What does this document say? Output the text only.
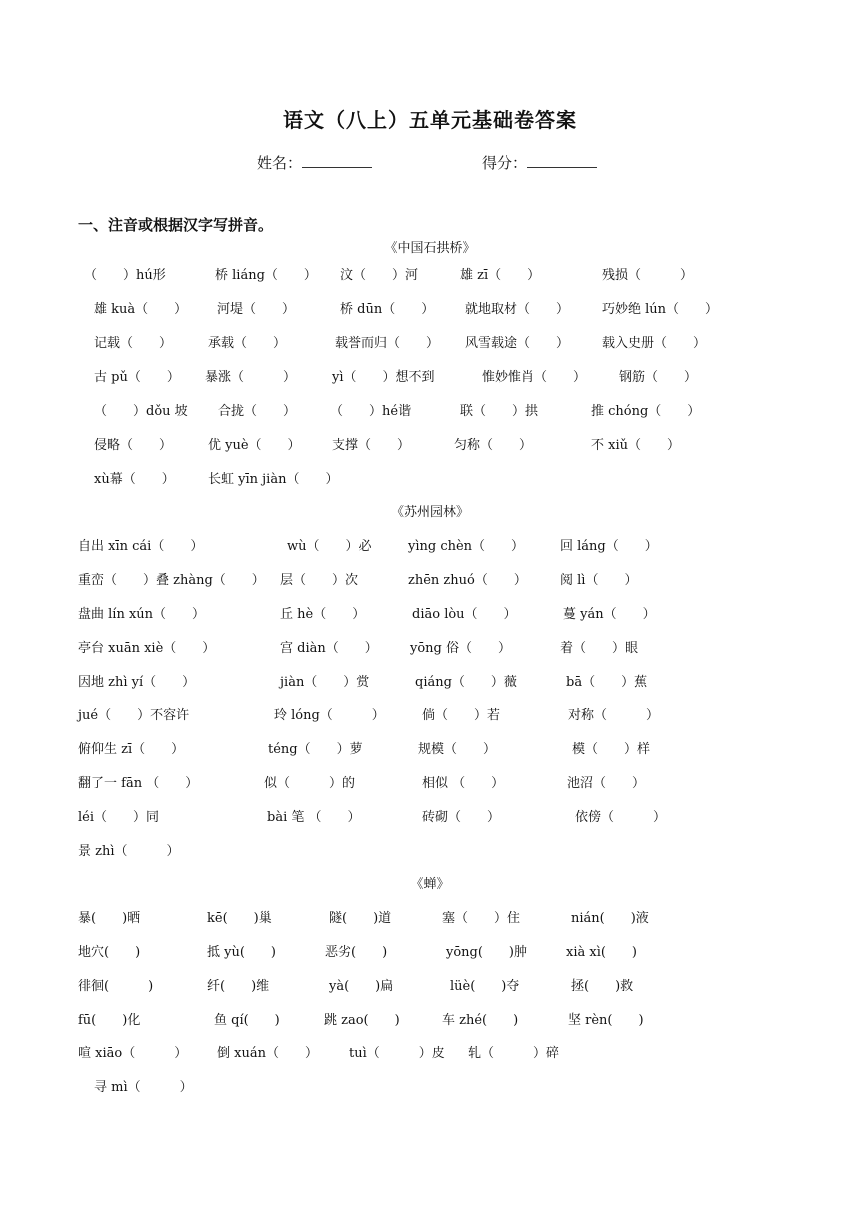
语文（八上）五单元基础卷答案
姓名：	得分：
一、注音或根据汉字写拼音。
《中国石拱桥》
（　　）hú形	桥 liáng（　　） 汶（　　）河	雄 zī（　　）	残损（　　　）
雄 kuà（　　） 河堤（　　）	桥 dūn（　　） 就地取材（　　）	巧妙绝 lún（　　）
记载（　　）	承载（　　）	载誉而归（　　） 风雪载途（　　）	载入史册（　　）
古 pǔ（　　） 暴涨（　　　）	yì（　　）想不到	惟妙惟肖（　　）	钢筋（　　）
（　　）dǒu 坡 合拢（　　）	（　　）hé谐	联（　　）拱	推 chóng（　　）
侵略（　　）	优 yuè（　　） 支撑（　　）	匀称（　　）	不 xiǔ（　　）
xù幕（　　）	长虹 yīn jiàn（　　）
《苏州园林》
自出 xīn cái（　　）	wù（　　）必	yìng chèn（　　）	回 láng（　　）
重峦（　　）叠 zhàng（　　） 层（　　）次	zhēn zhuó（　　）	阅 lì（　　）
盘曲 lín xún（　　）	丘 hè（　　）	diāo lòu（　　）	蔓 yán（　　）
亭台 xuān xiè（　　）	宫 diàn（　　） yōng 俗（　　）	着（　　）眼
因地 zhì yí（　　）	jiàn（　　）赏	qiáng（　　）薇	bā（　　）蕉
jué（　　）不容许	玲 lóng（　　　）	倘（　　）若	对称（　　　）
俯仰生 zī（　　）	téng（　　）萝	规模（　　）	模（　　）样
翻了一 fān （　　）	似（　　　）的	相似 （　　）	池沼（　　）
léi（　　）同	bài 笔 （　　）	砖砌（　　）	依傍（　　　）
景 zhì（　　　）
《蝉》
暴(　　)晒	kē(　　)巢	隧(　　)道	塞（　　）住	nián(　　)液
地穴(　　)	抵 yù(　　)	恶劣(　　)	yōng(　　)肿	xià xì(　　)
徘徊(　　　)	纤(　　)维	yà(　　)扁	lüè(　　)夺	拯(　　)救
fū(　　)化	鱼 qí(　　)	跳 zao(　　)	车 zhé(　　)	坚 rèn(　　)
喧 xiāo（　　　） 倒 xuán（　　） tuì（　　　）皮 轧（　　　）碎
寻 mì（　　　）
